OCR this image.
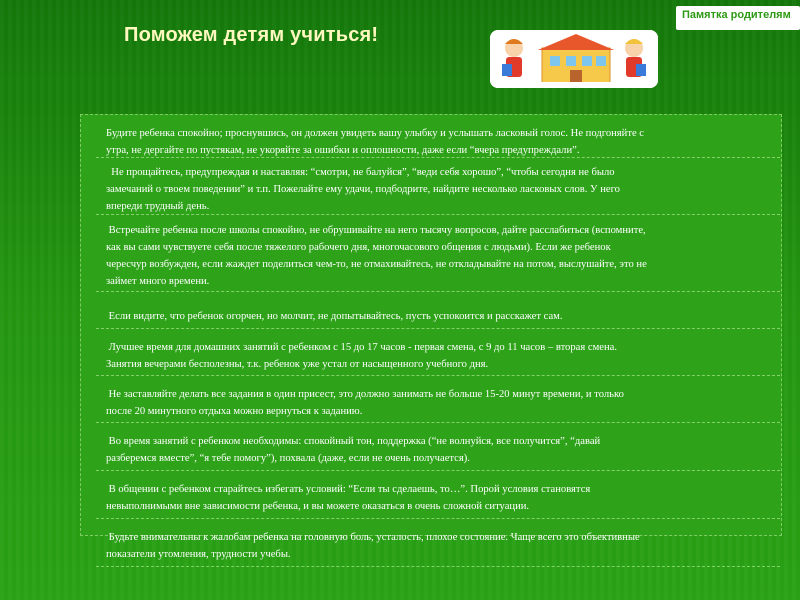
Поможем детям учиться!
Памятка родителям
Будите ребенка спокойно; проснувшись, он должен увидеть вашу улыбку и услышать ласковый голос. Не подгоняйте с
утра, не дергайте по пустякам, не укоряйте за ошибки и оплошности, даже если “вчера предупреждали”.
Не прощайтесь, предупреждая и наставляя: “смотри, не балуйся”, “веди себя хорошо”, “чтобы сегодня не было
замечаний о твоем поведении” и т.п. Пожелайте ему удачи, подбодрите, найдите несколько ласковых слов. У него
впереди трудный день.
Встречайте ребенка после школы спокойно, не обрушивайте на него тысячу вопросов, дайте расслабиться (вспомните,
как вы сами чувствуете себя после тяжелого рабочего дня, многочасового общения с людьми). Если же ребенок
чересчур возбужден, если жаждет поделиться чем-то, не отмахивайтесь, не откладывайте на потом, выслушайте, это не
займет много времени.
Если видите, что ребенок огорчен, но молчит, не допытывайтесь, пусть успокоится и расскажет сам.
Лучшее время для домашних занятий с ребенком с 15 до 17 часов - первая смена, с 9 до 11 часов – вторая смена.
Занятия вечерами бесполезны, т.к. ребенок уже устал от насыщенного учебного дня.
Не заставляйте делать все задания в один присест, это должно занимать не больше 15-20 минут времени, и только
после 20 минутного отдыха можно вернуться к заданию.
Во время занятий с ребенком необходимы: спокойный тон, поддержка (“не волнуйся, все получится”, “давай
разберемся вместе”, “я тебе помогу”), похвала (даже, если не очень получается).
В общении с ребенком старайтесь избегать условий: “Если ты сделаешь, то…”. Порой условия становятся
невыполнимыми вне зависимости ребенка, и вы можете оказаться в очень сложной ситуации.
Будьте внимательны к жалобам ребенка на головную боль, усталость, плохое состояние. Чаще всего это объективные
показатели утомления, трудности учебы.
